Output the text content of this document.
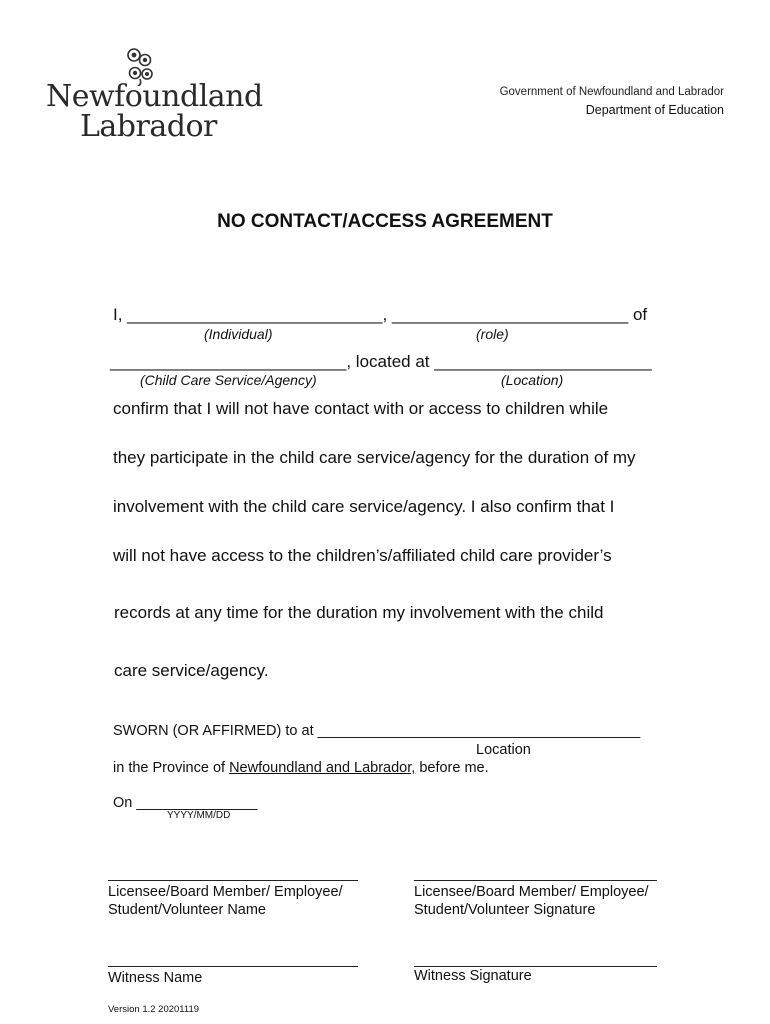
Newfoundland
Labrador
Government of Newfoundland and Labrador
Department of Education
NO CONTACT/ACCESS AGREEMENT
I, ___________________________, _________________________ of
(Individual)	(role)
_________________________, located at _______________________
(Child Care Service/Agency)	(Location)
confirm that I will not have contact with or access to children while
they participate in the child care service/agency for the duration of my
involvement with the child care service/agency. I also confirm that I
will not have access to the children’s/affiliated child care provider’s
records at any time for the duration my involvement with the child
care service/agency.
SWORN (OR AFFIRMED) to at ________________________________________
Location
in the Province of Newfoundland and Labrador, before me.
On _______________
YYYY/MM/DD
Licensee/Board Member/ Employee/
Student/Volunteer Name
Licensee/Board Member/ Employee/
Student/Volunteer Signature
Witness Name	Witness Signature
Version 1.2 20201119
